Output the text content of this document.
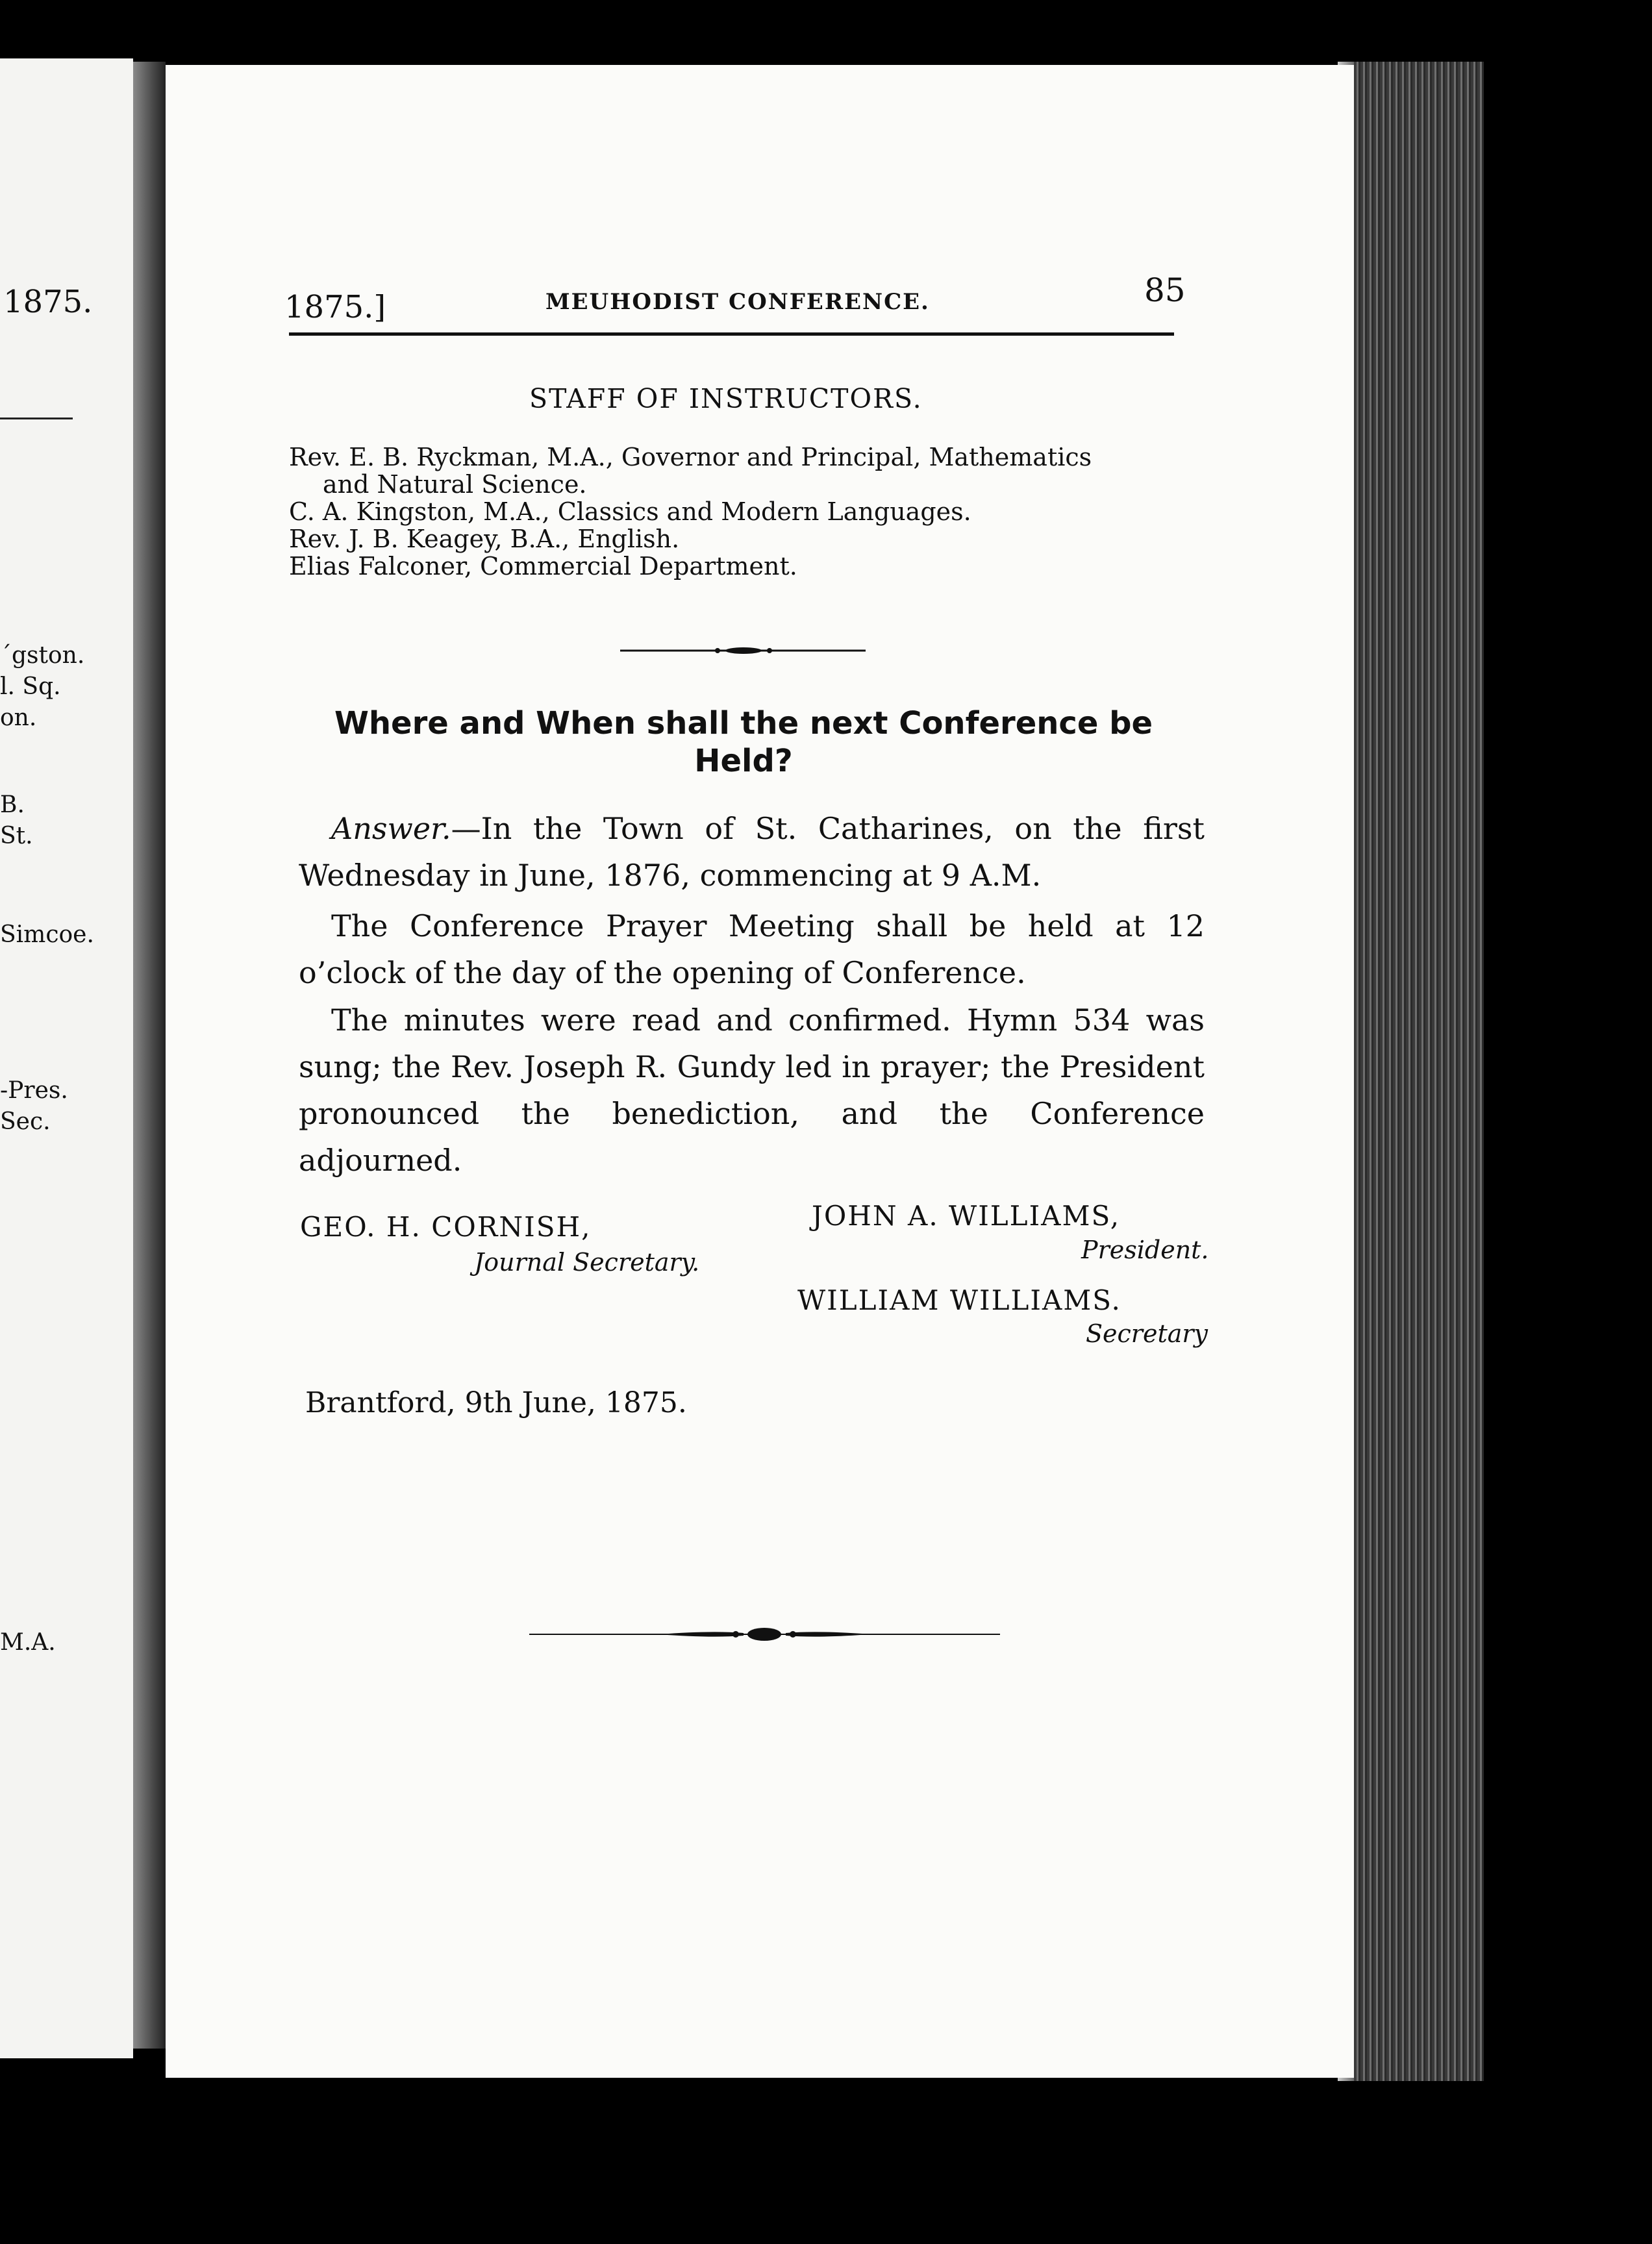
1875.
´gston.
l. Sq.
on.
B.
St.
Simcoe.
-Pres.
Sec.
M.A.
1875.]	MEUHODIST CONFERENCE.	85
STAFF OF INSTRUCTORS.
Rev. E. B. Ryckman, M.A., Governor and Principal, Mathematics
and Natural Science.
C. A. Kingston, M.A., Classics and Modern Languages.
Rev. J. B. Keagey, B.A., English.
Elias Falconer, Commercial Department.
Where and When shall the next Conference be Held?
Answer.—In the Town of St. Catharines, on the first Wednesday in June, 1876, commencing at 9 A.M.
The Conference Prayer Meeting shall be held at 12 o’clock of the day of the opening of Conference.
The minutes were read and confirmed. Hymn 534 was sung; the Rev. Joseph R. Gundy led in prayer; the President pronounced the benediction, and the Conference adjourned.
GEO. H. CORNISH,
Journal Secretary.
JOHN A. WILLIAMS,
President.
WILLIAM WILLIAMS.
Secretary
Brantford, 9th June, 1875.
